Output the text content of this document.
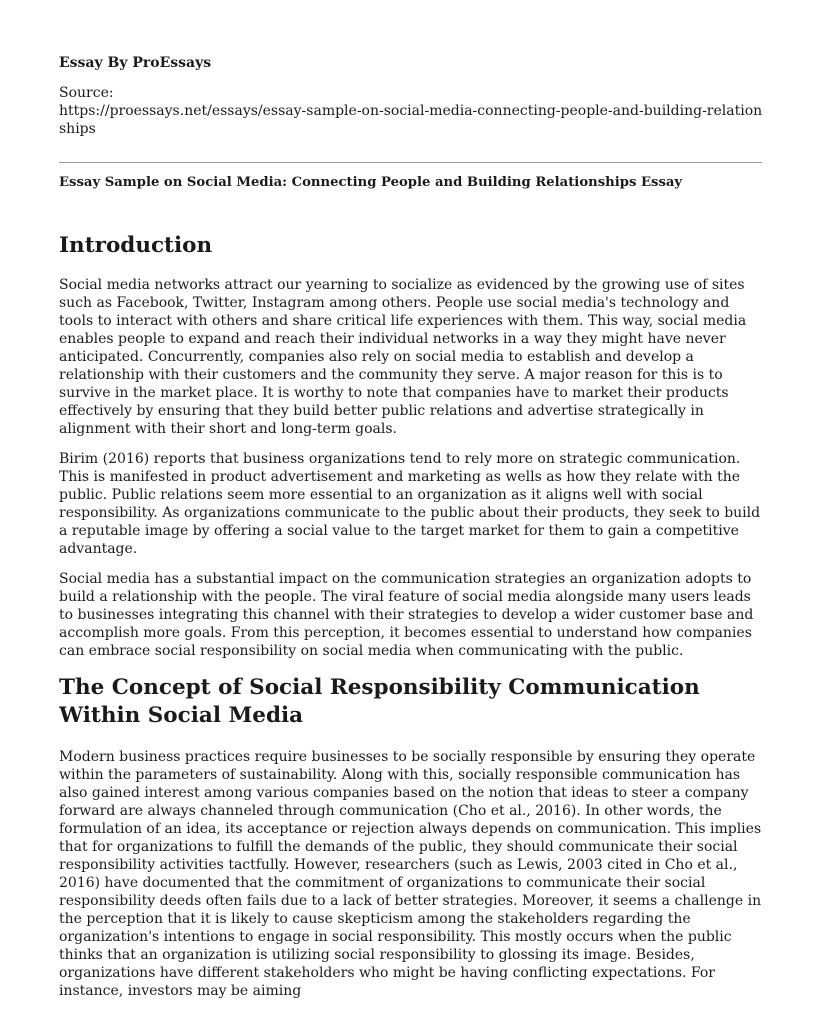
Essay By ProEssays
Source:
https://proessays.net/essays/essay-sample-on-social-media-connecting-people-and-building-relationships
Essay Sample on Social Media: Connecting People and Building Relationships Essay
Introduction

Social media networks attract our yearning to socialize as evidenced by the growing use of sites such as Facebook, Twitter, Instagram among others. People use social media's technology and tools to interact with others and share critical life experiences with them. This way, social media enables people to expand and reach their individual networks in a way they might have never anticipated. Concurrently, companies also rely on social media to establish and develop a relationship with their customers and the community they serve. A major reason for this is to survive in the market place. It is worthy to note that companies have to market their products effectively by ensuring that they build better public relations and advertise strategically in alignment with their short and long-term goals.

Birim (2016) reports that business organizations tend to rely more on strategic communication. This is manifested in product advertisement and marketing as wells as how they relate with the public. Public relations seem more essential to an organization as it aligns well with social responsibility. As organizations communicate to the public about their products, they seek to build a reputable image by offering a social value to the target market for them to gain a competitive advantage.

Social media has a substantial impact on the communication strategies an organization adopts to build a relationship with the people. The viral feature of social media alongside many users leads to businesses integrating this channel with their strategies to develop a wider customer base and accomplish more goals. From this perception, it becomes essential to understand how companies can embrace social responsibility on social media when communicating with the public.

The Concept of Social Responsibility Communication Within Social Media

Modern business practices require businesses to be socially responsible by ensuring they operate within the parameters of sustainability. Along with this, socially responsible communication has also gained interest among various companies based on the notion that ideas to steer a company forward are always channeled through communication (Cho et al., 2016). In other words, the formulation of an idea, its acceptance or rejection always depends on communication. This implies that for organizations to fulfill the demands of the public, they should communicate their social responsibility activities tactfully. However, researchers (such as Lewis, 2003 cited in Cho et al., 2016) have documented that the commitment of organizations to communicate their social responsibility deeds often fails due to a lack of better strategies. Moreover, it seems a challenge in the perception that it is likely to cause skepticism among the stakeholders regarding the organization's intentions to engage in social responsibility. This mostly occurs when the public thinks that an organization is utilizing social responsibility to glossing its image. Besides, organizations have different stakeholders who might be having conflicting expectations. For instance, investors may be aiming
